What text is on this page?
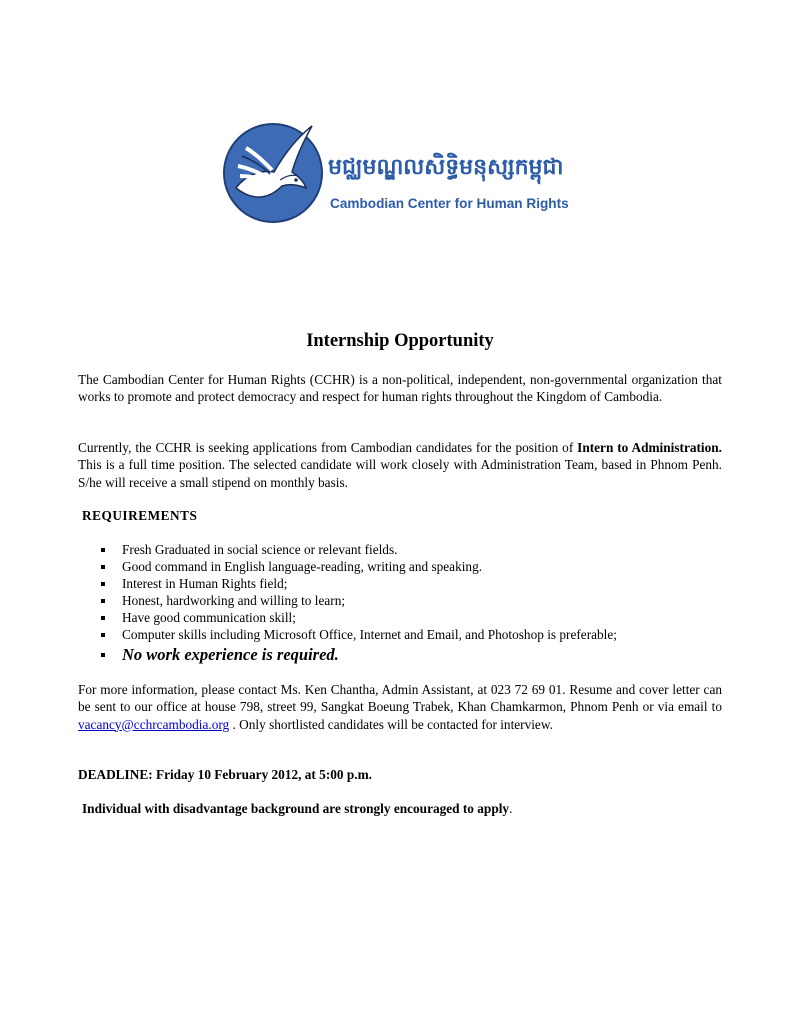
មជ្ឈមណ្ឌលសិទ្ធិមនុស្សកម្ពុជា
Cambodian Center for Human Rights
Internship Opportunity

The Cambodian Center for Human Rights (CCHR) is a non-political, independent, non-governmental organization that works to promote and protect democracy and respect for human rights throughout the Kingdom of Cambodia.

Currently, the CCHR is seeking applications from Cambodian candidates for the position of Intern to Administration. This is a full time position. The selected candidate will work closely with Administration Team, based in Phnom Penh. S/he will receive a small stipend on monthly basis.

REQUIREMENTS

Fresh Graduated in social science or relevant fields.
Good command in English language-reading, writing and speaking.
Interest in Human Rights field;
Honest, hardworking and willing to learn;
Have good communication skill;
Computer skills including Microsoft Office, Internet and Email, and Photoshop is preferable;
No work experience is required.

For more information, please contact Ms. Ken Chantha, Admin Assistant, at 023 72 69 01. Resume and cover letter can be sent to our office at house 798, street 99, Sangkat Boeung Trabek, Khan Chamkarmon, Phnom Penh or via email to vacancy@cchrcambodia.org . Only shortlisted candidates will be contacted for interview.

DEADLINE: Friday 10 February 2012, at 5:00 p.m.

Individual with disadvantage background are strongly encouraged to apply.
